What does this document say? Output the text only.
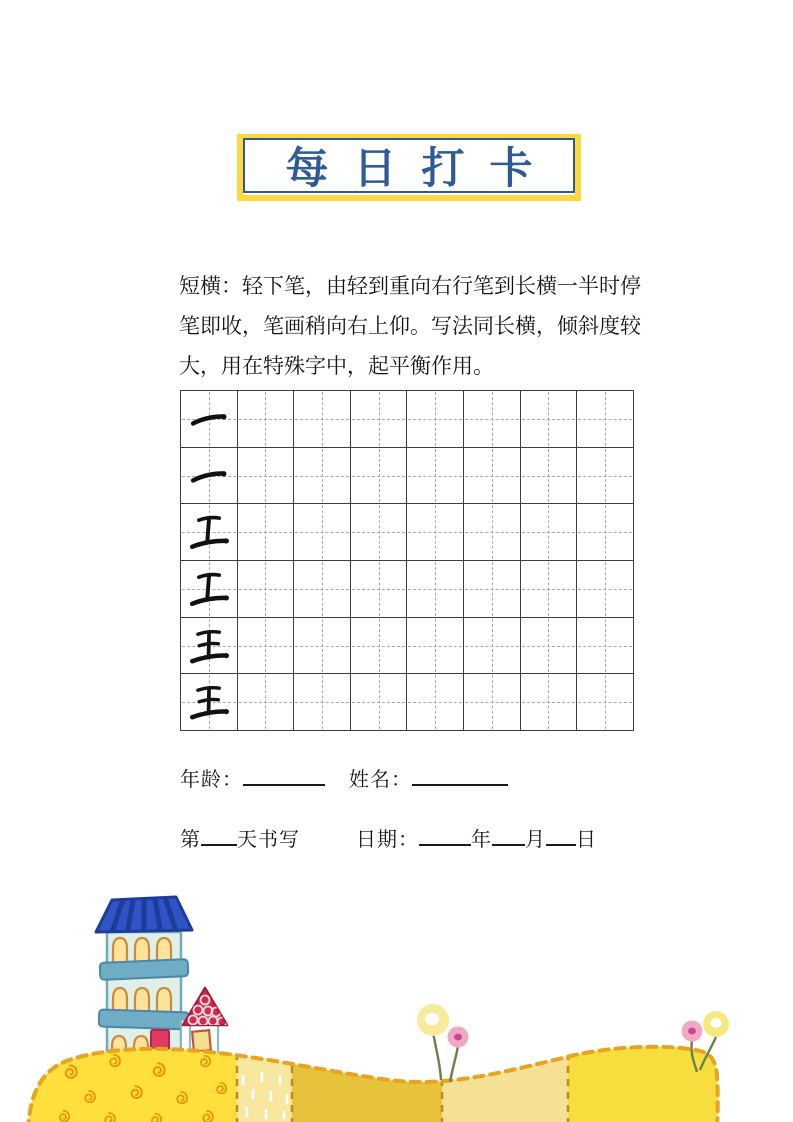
每日打卡
短横：轻下笔，由轻到重向右行笔到长横一半时停
笔即收，笔画稍向右上仰。写法同长横，倾斜度较
大，用在特殊字中，起平衡作用。
年龄：	姓名：
第 天书写	日期：	年 月 日
